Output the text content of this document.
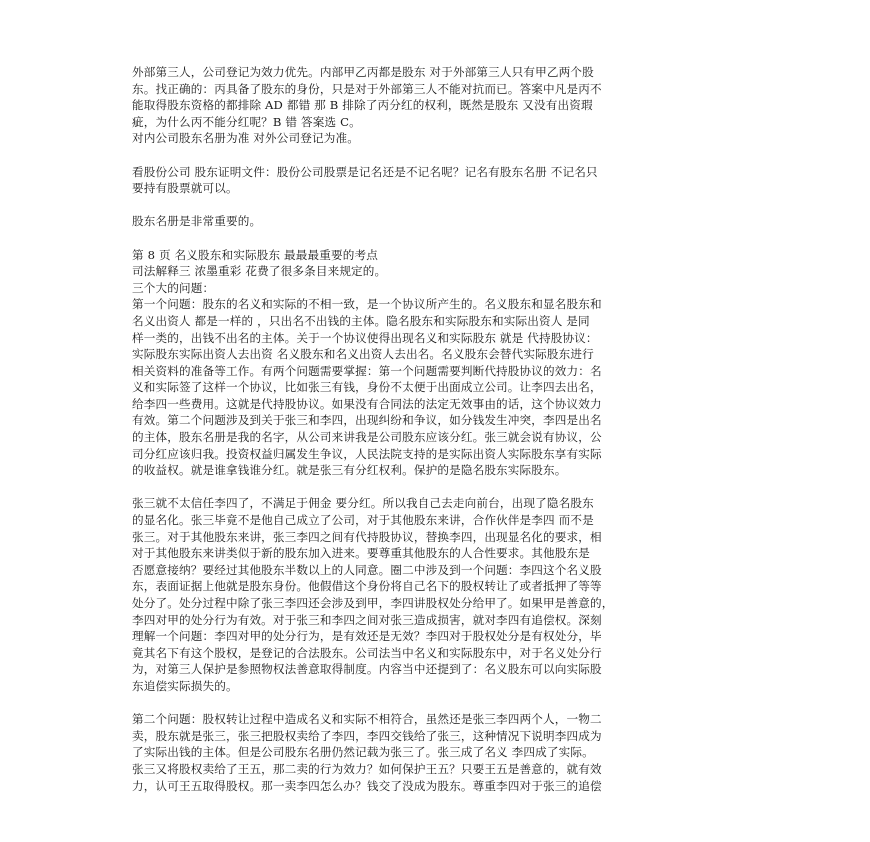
外部第三人，公司登记为效力优先。内部甲乙丙都是股东 对于外部第三人只有甲乙两个股
东。找正确的：丙具备了股东的身份，只是对于外部第三人不能对抗而已。答案中凡是丙不
能取得股东资格的都排除 AD 都错 那 B 排除了丙分红的权利，既然是股东 又没有出资瑕
疵，为什么丙不能分红呢？B 错 答案选 C。
对内公司股东名册为准 对外公司登记为准。
看股份公司 股东证明文件：股份公司股票是记名还是不记名呢？记名有股东名册 不记名只
要持有股票就可以。
股东名册是非常重要的。
第 8 页 名义股东和实际股东 最最最重要的考点
司法解释三 浓墨重彩 花费了很多条目来规定的。
三个大的问题：
第一个问题：股东的名义和实际的不相一致，是一个协议所产生的。名义股东和显名股东和
名义出资人 都是一样的 ，只出名不出钱的主体。隐名股东和实际股东和实际出资人 是同
样一类的，出钱不出名的主体。关于一个协议使得出现名义和实际股东 就是 代持股协议：
实际股东实际出资人去出资 名义股东和名义出资人去出名。名义股东会替代实际股东进行
相关资料的准备等工作。有两个问题需要掌握：第一个问题需要判断代持股协议的效力：名
义和实际签了这样一个协议，比如张三有钱，身份不太便于出面成立公司。让李四去出名，
给李四一些费用。这就是代持股协议。如果没有合同法的法定无效事由的话，这个协议效力
有效。第二个问题涉及到关于张三和李四，出现纠纷和争议，如分钱发生冲突，李四是出名
的主体，股东名册是我的名字，从公司来讲我是公司股东应该分红。张三就会说有协议，公
司分红应该归我。投资权益归属发生争议，人民法院支持的是实际出资人实际股东享有实际
的收益权。就是谁拿钱谁分红。就是张三有分红权利。保护的是隐名股东实际股东。
张三就不太信任李四了，不满足于佣金 要分红。所以我自己去走向前台，出现了隐名股东
的显名化。张三毕竟不是他自己成立了公司，对于其他股东来讲，合作伙伴是李四 而不是
张三。对于其他股东来讲，张三李四之间有代持股协议，替换李四，出现显名化的要求，相
对于其他股东来讲类似于新的股东加入进来。要尊重其他股东的人合性要求。其他股东是
否愿意接纳？要经过其他股东半数以上的人同意。圈二中涉及到一个问题：李四这个名义股
东，表面证据上他就是股东身份。他假借这个身份将自己名下的股权转让了或者抵押了等等
处分了。处分过程中除了张三李四还会涉及到甲，李四讲股权处分给甲了。如果甲是善意的，
李四对甲的处分行为有效。对于张三和李四之间对张三造成损害，就对李四有追偿权。深刻
理解一个问题：李四对甲的处分行为，是有效还是无效？李四对于股权处分是有权处分，毕
竟其名下有这个股权，是登记的合法股东。公司法当中名义和实际股东中，对于名义处分行
为，对第三人保护是参照物权法善意取得制度。内容当中还提到了：名义股东可以向实际股
东追偿实际损失的。
第二个问题：股权转让过程中造成名义和实际不相符合，虽然还是张三李四两个人，一物二
卖，股东就是张三，张三把股权卖给了李四，李四交钱给了张三，这种情况下说明李四成为
了实际出钱的主体。但是公司股东名册仍然记载为张三了。张三成了名义 李四成了实际。
张三又将股权卖给了王五，那二卖的行为效力？如何保护王五？只要王五是善意的，就有效
力，认可王五取得股权。那一卖李四怎么办？钱交了没成为股东。尊重李四对于张三的追偿
